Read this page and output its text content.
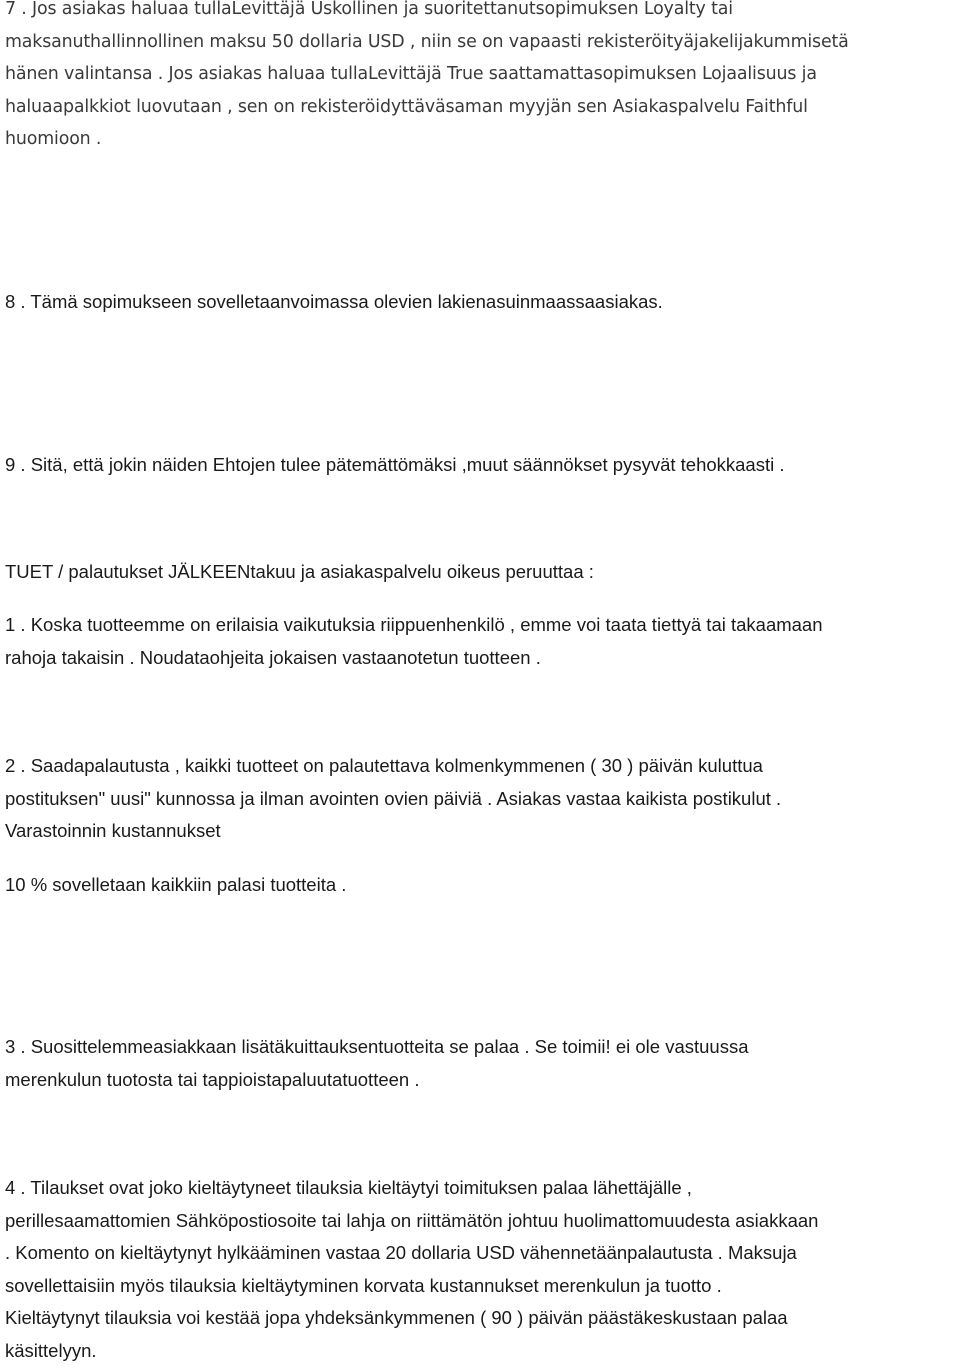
7 . Jos asiakas haluaa tullaLevittäjä Uskollinen ja suoritettanutsopimuksen Loyalty tai
maksanuthallinnollinen maksu 50 dollaria USD , niin se on vapaasti rekisteröityäjakelijakummisetä
hänen valintansa . Jos asiakas haluaa tullaLevittäjä True saattamattasopimuksen Lojaalisuus ja
haluaapalkkiot luovutaan , sen on rekisteröidyttäväsaman myyjän sen Asiakaspalvelu Faithful
huomioon .
8 . Tämä sopimukseen sovelletaanvoimassa olevien lakienasuinmaassaasiakas.
9 . Sitä, että jokin näiden Ehtojen tulee pätemättömäksi ,muut säännökset pysyvät tehokkaasti .
TUET / palautukset JÄLKEENtakuu ja asiakaspalvelu oikeus peruuttaa :
1 . Koska tuotteemme on erilaisia vaikutuksia riippuenhenkilö , emme voi taata tiettyä tai takaamaan
rahoja takaisin . Noudataohjeita jokaisen vastaanotetun tuotteen .
2 . Saadapalautusta , kaikki tuotteet on palautettava kolmenkymmenen ( 30 ) päivän kuluttua
postituksen" uusi" kunnossa ja ilman avointen ovien päiviä . Asiakas vastaa kaikista postikulut .
Varastoinnin kustannukset
10 % sovelletaan kaikkiin palasi tuotteita .
3 . Suosittelemmeasiakkaan lisätäkuittauksentuotteita se palaa . Se toimii! ei ole vastuussa
merenkulun tuotosta tai tappioistapaluutatuotteen .
4 . Tilaukset ovat joko kieltäytyneet tilauksia kieltäytyi toimituksen palaa lähettäjälle ,
perillesaamattomien Sähköpostiosoite tai lahja on riittämätön johtuu huolimattomuudesta asiakkaan
. Komento on kieltäytynyt hylkääminen vastaa 20 dollaria USD vähennetäänpalautusta . Maksuja
sovellettaisiin myös tilauksia kieltäytyminen korvata kustannukset merenkulun ja tuotto .
Kieltäytynyt tilauksia voi kestää jopa yhdeksänkymmenen ( 90 ) päivän päästäkeskustaan palaa
käsittelyyn.
